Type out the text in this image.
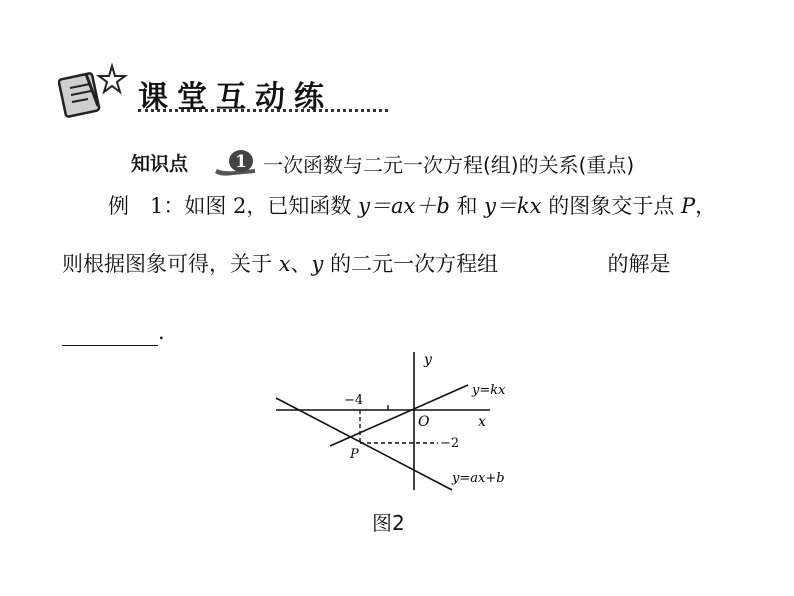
课堂互动练
知识点	1 一次函数与二元一次方程(组)的关系(重点)
例　1：如图 2，已知函数 y＝ax＋b 和 y＝kx 的图象交于点 P，
则根据图象可得，关于 x、y 的二元一次方程组	的解是
.
y
x
O
−4
−2
P
y=kx
y=ax+b
图2
